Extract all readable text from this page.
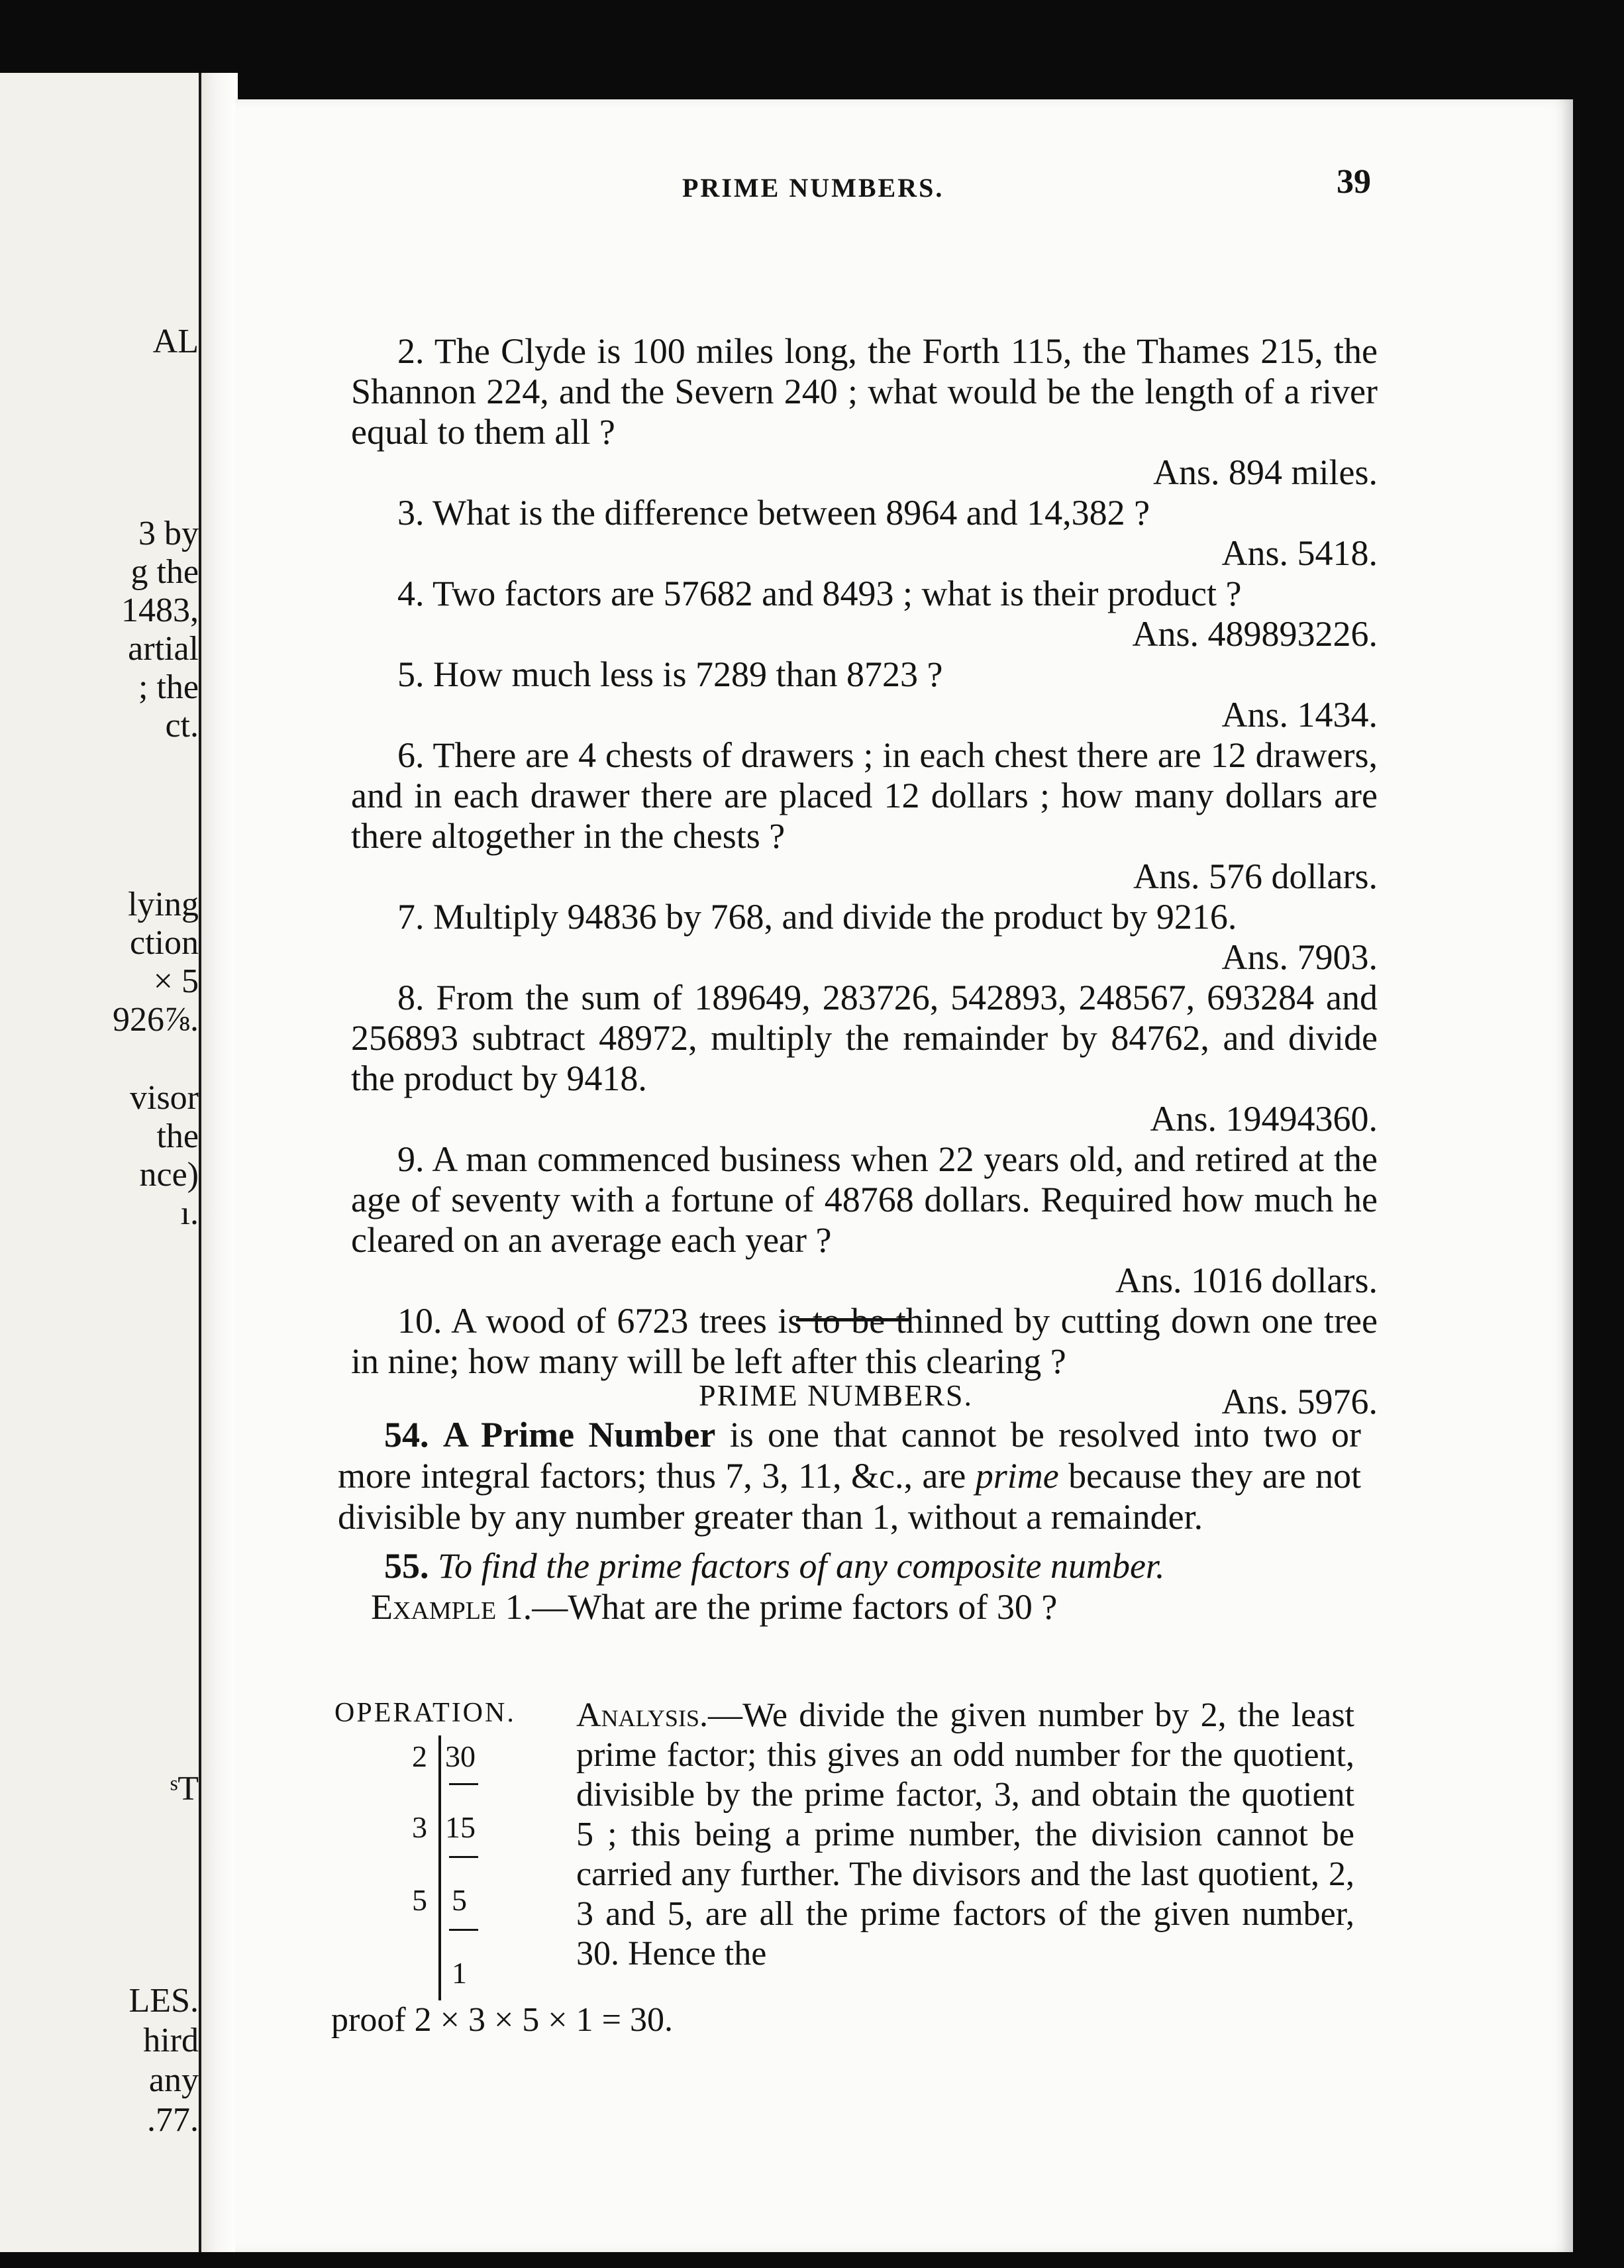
AL
3 by
g the
1483,
artial
; the
ct.
lying
ction
× 5
926⅞.
visor
the
nce)
ı.
ˢT
LES.
hird
any
.77.
PRIME NUMBERS.	39

2. The Clyde is 100 miles long, the Forth 115, the Thames 215, the Shannon 224, and the Severn 240 ; what would be the length of a river equal to them all ?

Ans. 894 miles.

3. What is the difference between 8964 and 14,382 ?

Ans. 5418.

4. Two factors are 57682 and 8493 ; what is their product ?

Ans. 489893226.

5. How much less is 7289 than 8723 ?

Ans. 1434.

6. There are 4 chests of drawers ; in each chest there are 12 drawers, and in each drawer there are placed 12 dollars ; how many dollars are there altogether in the chests ?

Ans. 576 dollars.

7. Multiply 94836 by 768, and divide the product by 9216.

Ans. 7903.

8. From the sum of 189649, 283726, 542893, 248567, 693284 and 256893 subtract 48972, multiply the remainder by 84762, and divide the product by 9418.

Ans. 19494360.

9. A man commenced business when 22 years old, and retired at the age of seventy with a fortune of 48768 dollars. Required how much he cleared on an average each year ?

Ans. 1016 dollars.

10. A wood of 6723 trees is to be thinned by cutting down one tree in nine; how many will be left after this clearing ?

Ans. 5976.

PRIME NUMBERS.

54. A Prime Number is one that cannot be resolved into two or more integral factors; thus 7, 3, 11, &c., are prime because they are not divisible by any number greater than 1, without a remainder.

55. To find the prime factors of any composite number.

Example 1.—What are the prime factors of 30 ?

OPERATION.
2 30
3 15
5 5
1
Analysis.—We divide the given number by 2, the least prime factor; this gives an odd number for the quotient, divisible by the prime factor, 3, and obtain the quotient 5 ; this being a prime number, the division cannot be carried any further. The divisors and the last quotient, 2, 3 and 5, are all the prime factors of the given number, 30. Hence the
proof 2 × 3 × 5 × 1 = 30.
